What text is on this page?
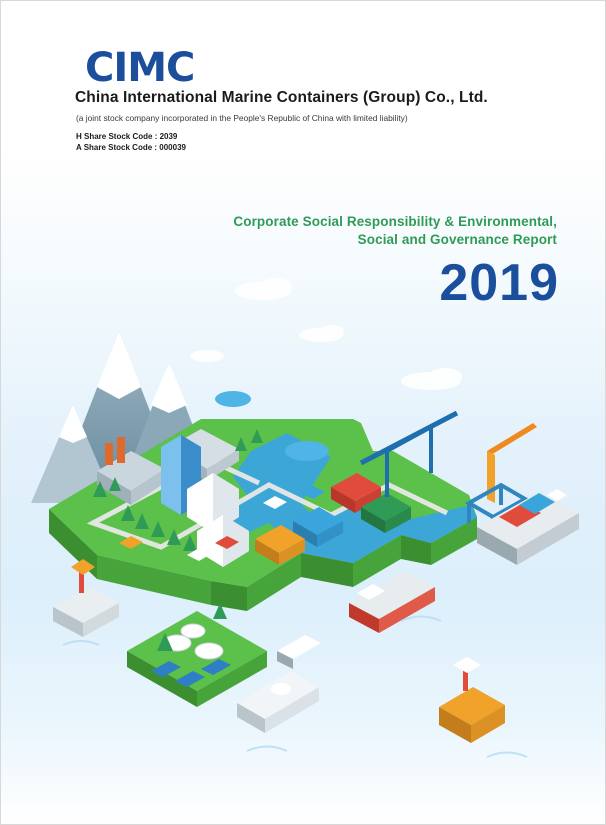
CIMC
China International Marine Containers (Group) Co., Ltd.
(a joint stock company incorporated in the People's Republic of China with limited liability)
H Share Stock Code : 2039
A Share Stock Code : 000039
Corporate Social Responsibility & Environmental,
Social and Governance Report
2019
